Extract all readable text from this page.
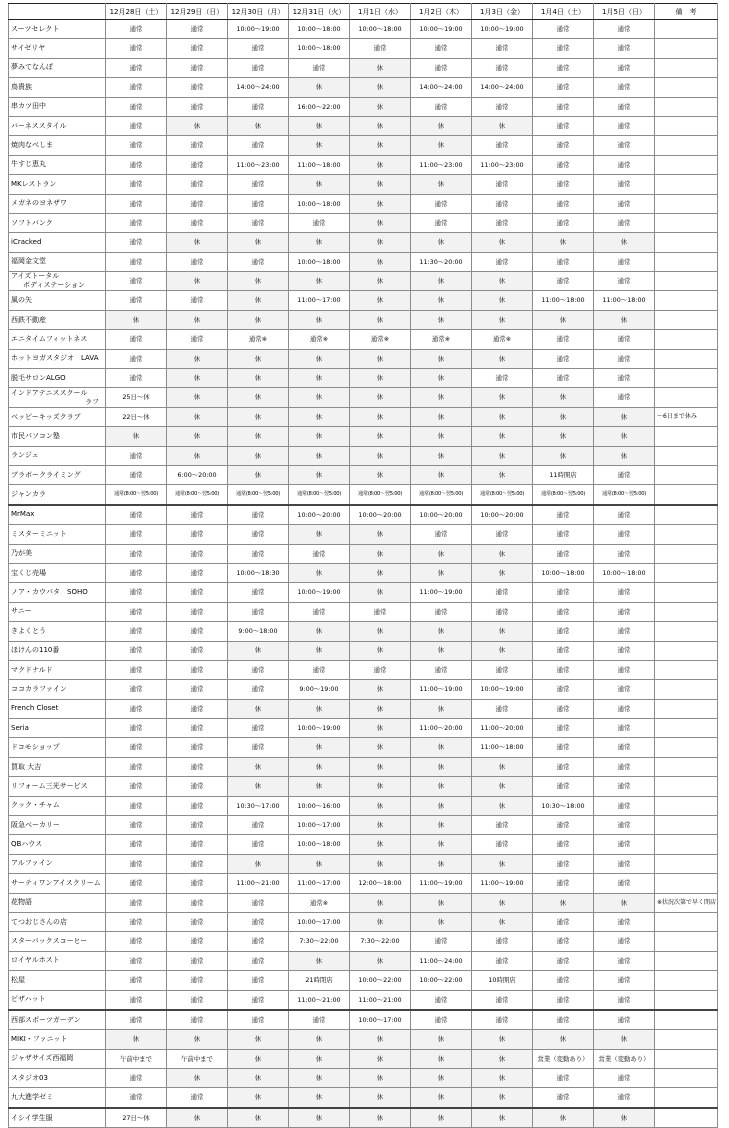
	12月28日（土）	12月29日（日）	12月30日（月）	12月31日（火）	1月1日（水）	1月2日（木）	1月3日（金）	1月4日（土）	1月5日（日）	備　考

スーツセレクト	通常	通常	10:00～19:00	10:00～18:00	10:00～18:00	10:00～19:00	10:00～19:00	通常	通常	

サイゼリヤ	通常	通常	通常	10:00～18:00	通常	通常	通常	通常	通常	

夢みてなんぼ	通常	通常	通常	通常	休	通常	通常	通常	通常	

鳥貴族	通常	通常	14:00～24:00	休	休	14:00～24:00	14:00～24:00	通常	通常	

串カツ田中	通常	通常	通常	16:00～22:00	休	通常	通常	通常	通常	

バーネススタイル	通常	休	休	休	休	休	休	通常	通常	

焼肉なべしま	通常	通常	通常	休	休	休	通常	通常	通常	

牛すじ恵丸	通常	通常	11:00～23:00	11:00～18:00	休	11:00～23:00	11:00～23:00	通常	通常	

MKレストラン	通常	通常	通常	休	休	休	通常	通常	通常	

メガネのヨネザワ	通常	通常	通常	10:00～18:00	休	通常	通常	通常	通常	

ソフトバンク	通常	通常	通常	通常	休	通常	通常	通常	通常	

iCracked	通常	休	休	休	休	休	休	休	休	

福岡金文堂	通常	通常	通常	10:00～18:00	休	11:30～20:00	通常	通常	通常	

アイズトータル
ボディステーション	通常	休	休	休	休	休	休	通常	通常	

風の矢	通常	通常	休	11:00～17:00	休	休	休	11:00～18:00	11:00～18:00	

西鉄不動産	休	休	休	休	休	休	休	休	休	

エニタイムフィットネス	通常	通常	通常※	通常※	通常※	通常※	通常※	通常	通常	

ホットヨガスタジオ　LAVA	通常	休	休	休	休	休	休	通常	通常	

脱毛サロンALGO	通常	休	休	休	休	休	通常	通常	通常	

インドアテニススクール
ラフ	25日～休	休	休	休	休	休	休	休	通常	

ベッピーキッズクラブ	22日～休	休	休	休	休	休	休	休	休	～6日まで休み

市民パソコン塾	休	休	休	休	休	休	休	休	休	

ランジュ	通常	休	休	休	休	休	休	休	休	

ブラボークライミング	通常	6:00～20:00	休	休	休	休	休	11時開店	通常	

ジャンカラ	通常(8:00～翌5:00)	通常(8:00～翌5:00)	通常(8:00～翌5:00)	通常(8:00～翌5:00)	通常(8:00～翌5:00)	通常(8:00～翌5:00)	通常(8:00～翌5:00)	通常(8:00～翌5:00)	通常(8:00～翌5:00)	

MrMax	通常	通常	通常	10:00～20:00	10:00～20:00	10:00～20:00	10:00～20:00	通常	通常	

ミスターミニット	通常	通常	通常	休	休	通常	通常	通常	通常	

乃が美	通常	通常	通常	通常	休	休	休	通常	通常	

宝くじ売場	通常	通常	10:00～18:30	休	休	休	休	10:00～18:00	10:00～18:00	

ノア・カウパタ　SOHO	通常	通常	通常	10:00～19:00	休	11:00～19:00	通常	通常	通常	

サニー	通常	通常	通常	通常	通常	通常	通常	通常	通常	

きよくとう	通常	通常	9:00～18:00	休	休	休	休	通常	通常	

ほけんの110番	通常	通常	休	休	休	休	休	通常	通常	

マクドナルド	通常	通常	通常	通常	通常	通常	通常	通常	通常	

ココカラファイン	通常	通常	通常	9:00～19:00	休	11:00～19:00	10:00～19:00	通常	通常	

French Closet	通常	通常	休	休	休	休	通常	通常	通常	

Seria	通常	通常	通常	10:00～19:00	休	11:00～20:00	11:00～20:00	通常	通常	

ドコモショップ	通常	通常	通常	休	休	休	11:00～18:00	通常	通常	

買取 大吉	通常	通常	休	休	休	休	休	通常	通常	

リフォーム三光サービス	通常	通常	休	休	休	休	休	通常	通常	

クック・チャム	通常	通常	10:30～17:00	10:00～16:00	休	休	休	10:30～18:00	通常	

阪急ベーカリー	通常	通常	通常	10:00～17:00	休	休	通常	通常	通常	

QBハウス	通常	通常	通常	10:00～18:00	休	休	通常	通常	通常	

アルファイン	通常	通常	休	休	休	休	休	通常	通常	

サーティワンアイスクリーム	通常	通常	11:00～21:00	11:00～17:00	12:00～18:00	11:00～19:00	11:00～19:00	通常	通常	

花物語	通常	通常	通常	通常※	休	休	休	休	休	※状況次第で早く閉店

てつおじさんの店	通常	通常	通常	10:00～17:00	休	休	休	通常	通常	

スターバックスコーヒー	通常	通常	通常	7:30～22:00	7:30～22:00	通常	通常	通常	通常	

ロイヤルホスト	通常	通常	通常	休	休	11:00～24:00	通常	通常	通常	

松屋	通常	通常	通常	21時閉店	10:00～22:00	10:00～22:00	10時開店	通常	通常	

ピザハット	通常	通常	通常	11:00～21:00	11:00～21:00	通常	通常	通常	通常	

西部スポーツガーデン	通常	通常	通常	通常	10:00～17:00	通常	通常	通常	通常	

MIKI・ファニット	休	休	休	休	休	休	休	休	休	

ジャザサイズ西福岡	午前中まで	午前中まで	休	休	休	休	休	営業（変動あり）	営業（変動あり）	

スタジオ03	通常	休	休	休	休	休	休	通常	通常	

九大進学ゼミ	通常	通常	休	休	休	休	休	通常	通常	

イシイ学生服	27日～休	休	休	休	休	休	休	休	休	
